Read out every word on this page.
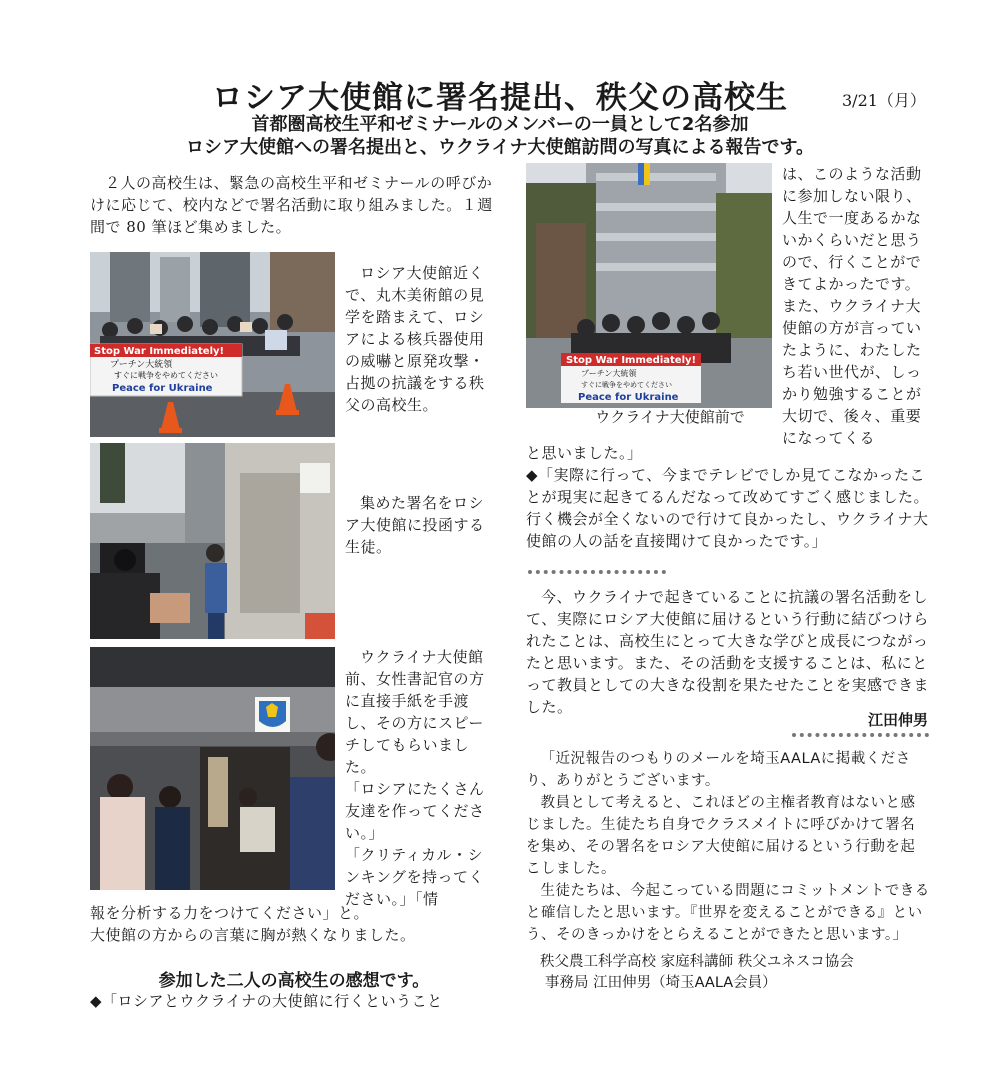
ロシア大使館に署名提出、秩父の高校生	3/21（月）
首都圏高校生平和ゼミナールのメンバーの一員として2名参加
ロシア大使館への署名提出と、ウクライナ大使館訪問の写真による報告です。

２人の高校生は、緊急の高校生平和ゼミナールの呼びかけに応じて、校内などで署名活動に取り組みました。１週間で 80 筆ほど集めました。

Stop War Immediately!
プーチン大統領
すぐに戦争をやめてください
Peace for Ukraine

ロシア大使館近くで、丸木美術館の見学を踏まえて、ロシアによる核兵器使用の威嚇と原発攻撃・占拠の抗議をする秩父の高校生。

集めた署名をロシア大使館に投函する生徒。

ウクライナ大使館前、女性書記官の方に直接手紙を手渡し、その方にスピーチしてもらいました。

「ロシアにたくさん友達を作ってください。」

「クリティカル・シンキングを持ってください。」「情

報を分析する力をつけてください」と。

大使館の方からの言葉に胸が熱くなりました。

参加した二人の高校生の感想です。

◆「ロシアとウクライナの大使館に行くということ

Stop War Immediately!
プーチン大統領
すぐに戦争をやめてください
Peace for Ukraine
ウクライナ大使館前で

は、このような活動に参加しない限り、人生で一度あるかないかくらいだと思うので、行くことができてよかったです。また、ウクライナ大使館の方が言っていたように、わたしたち若い世代が、しっかり勉強することが大切で、後々、重要になってくる

と思いました。」

◆「実際に行って、今までテレビでしか見てこなかったことが現実に起きてるんだなって改めてすごく感じました。行く機会が全くないので行けて良かったし、ウクライナ大使館の人の話を直接聞けて良かったです。」

今、ウクライナで起きていることに抗議の署名活動をして、実際にロシア大使館に届けるという行動に結びつけられたことは、高校生にとって大きな学びと成長につながったと思います。また、その活動を支援することは、私にとって教員としての大きな役割を果たせたことを実感できました。

江田伸男

「近況報告のつもりのメールを埼玉AALAに掲載くださり、ありがとうございます。

教員として考えると、これほどの主権者教育はないと感じました。生徒たち自身でクラスメイトに呼びかけて署名を集め、その署名をロシア大使館に届けるという行動を起こしました。

生徒たちは、今起こっている問題にコミットメントできると確信したと思います。『世界を変えることができる』という、そのきっかけをとらえることができたと思います。」

秩父農工科学高校 家庭科講師 秩父ユネスコ協会
事務局 江田伸男（埼玉AALA会員）
